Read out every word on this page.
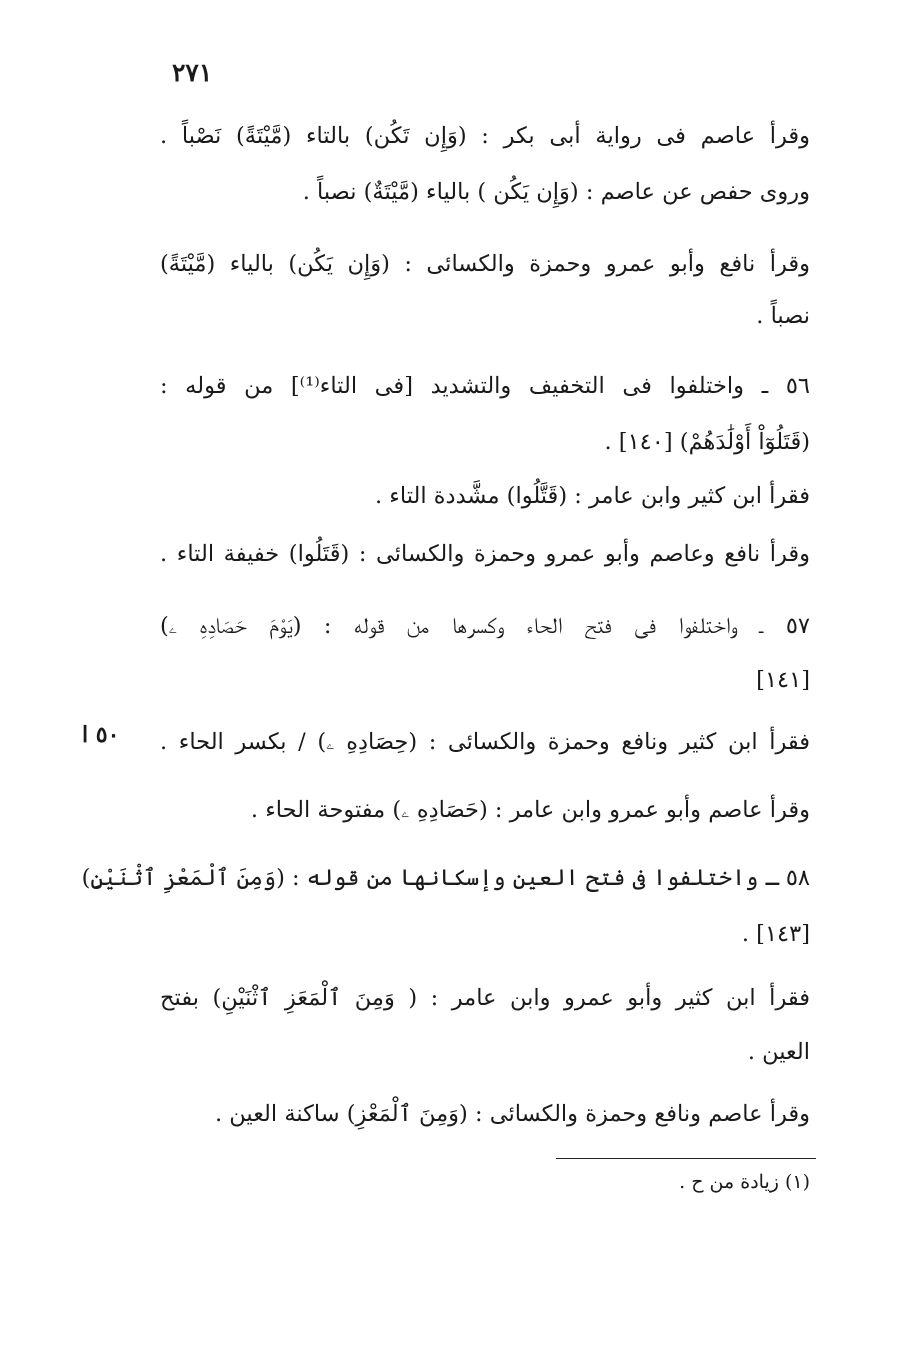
٢٧١
وقرأ عاصم فى رواية أبى بكر : (وَإِن تَكُن) بالتاء (مَّيْتَةً) نَصْباً .
وروى حفص عن عاصم : (وَإِن يَكُن ) بالياء (مَّيْتَةٌ) نصباً .
وقرأ نافع وأبو عمرو وحمزة والكسائى : (وَإِن يَكُن) بالياء (مَّيْتَةً)
نصباً .
٥٦ ـ واختلفوا فى التخفيف والتشديد [فى التاء⁽¹⁾] من قوله :
(قَتَلُوٓاْ أَوْلَٰدَهُمْ) [١٤٠] .
فقرأ ابن كثير وابن عامر : (قَتَّلُوا) مشَّددة التاء .
وقرأ نافع وعاصم وأبو عمرو وحمزة والكسائى : (قَتَلُوا) خفيفة التاء .
٥٧ ـ واختلفوا فى فتح الحاء وكسرها من قوله : (يَوْمَ حَصَادِهِ ۦ)
[١٤١]
٥٠ ا فقرأ ابن كثير ونافع وحمزة والكسائى : (حِصَادِهِ ۦ) / بكسر الحاء .
وقرأ عاصم وأبو عمرو وابن عامر : (حَصَادِهِ ۦ) مفتوحة الحاء .
٥٨ ـ واختلفوا فى فتح العين وإسكانها من قوله : (وَمِنَ ٱلْمَعْزِ ٱثْنَيْنِ)
[١٤٣] .
فقرأ ابن كثير وأبو عمرو وابن عامر : ( وَمِنَ ٱلْمَعَزِ ٱثْنَيْنِ) بفتح
العين .
وقرأ عاصم ونافع وحمزة والكسائى : (وَمِنَ ٱلْمَعْزِ) ساكنة العين .
(١) زيادة من ح .
